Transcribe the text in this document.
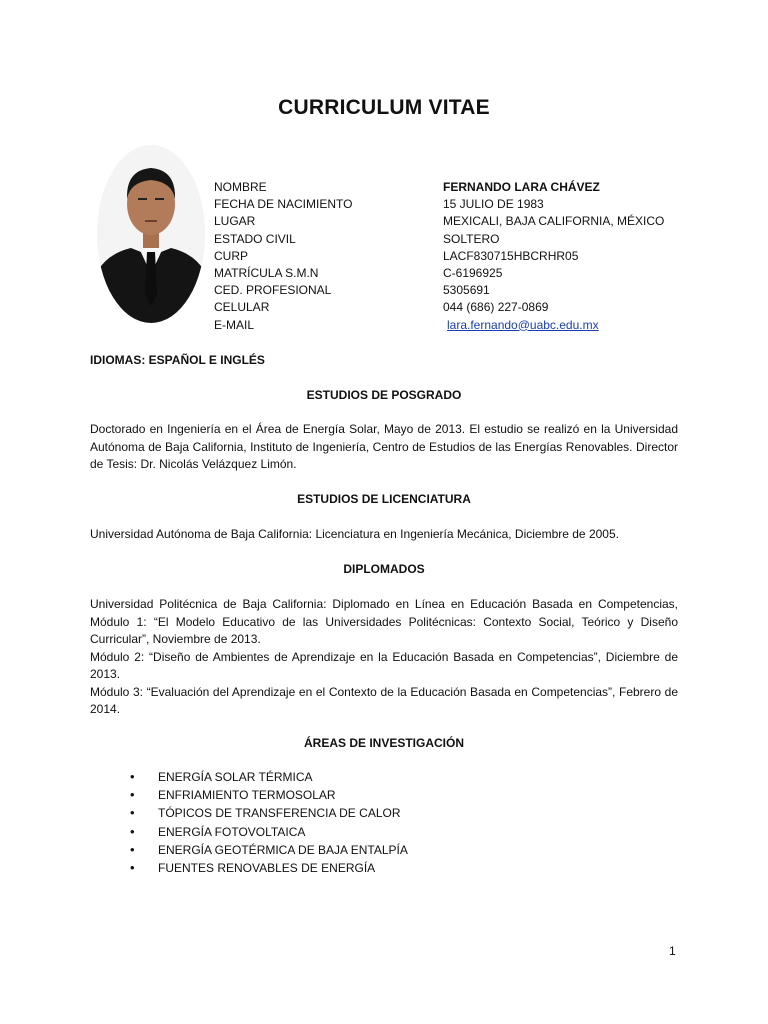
CURRICULUM VITAE
NOMBRE	FERNANDO LARA CHÁVEZ
FECHA DE NACIMIENTO	15 JULIO DE 1983
LUGAR	MEXICALI, BAJA CALIFORNIA, MÉXICO
ESTADO CIVIL	SOLTERO
CURP	LACF830715HBCRHR05
MATRÍCULA S.M.N	C-6196925
CED. PROFESIONAL	5305691
CELULAR	044 (686) 227-0869
E-MAIL	lara.fernando@uabc.edu.mx
IDIOMAS: ESPAÑOL E INGLÉS
ESTUDIOS DE POSGRADO
Doctorado en Ingeniería en el Área de Energía Solar, Mayo de 2013. El estudio se realizó en la Universidad Autónoma de Baja California, Instituto de Ingeniería, Centro de Estudios de las Energías Renovables. Director de Tesis: Dr. Nicolás Velázquez Limón.
ESTUDIOS DE LICENCIATURA
Universidad Autónoma de Baja California: Licenciatura en Ingeniería Mecánica, Diciembre de 2005.
DIPLOMADOS
Universidad Politécnica de Baja California: Diplomado en Línea en Educación Basada en Competencias, Módulo 1: “El Modelo Educativo de las Universidades Politécnicas: Contexto Social, Teórico y Diseño Curricular”, Noviembre de 2013.
Módulo 2: “Diseño de Ambientes de Aprendizaje en la Educación Basada en Competencias”, Diciembre de 2013.
Módulo 3: “Evaluación del Aprendizaje en el Contexto de la Educación Basada en Competencias”, Febrero de 2014.
ÁREAS DE INVESTIGACIÓN
•	ENERGÍA SOLAR TÉRMICA
•	ENFRIAMIENTO TERMOSOLAR
•	TÓPICOS DE TRANSFERENCIA DE CALOR
•	ENERGÍA FOTOVOLTAICA
•	ENERGÍA GEOTÉRMICA DE BAJA ENTALPÍA
•	FUENTES RENOVABLES DE ENERGÍA
1
